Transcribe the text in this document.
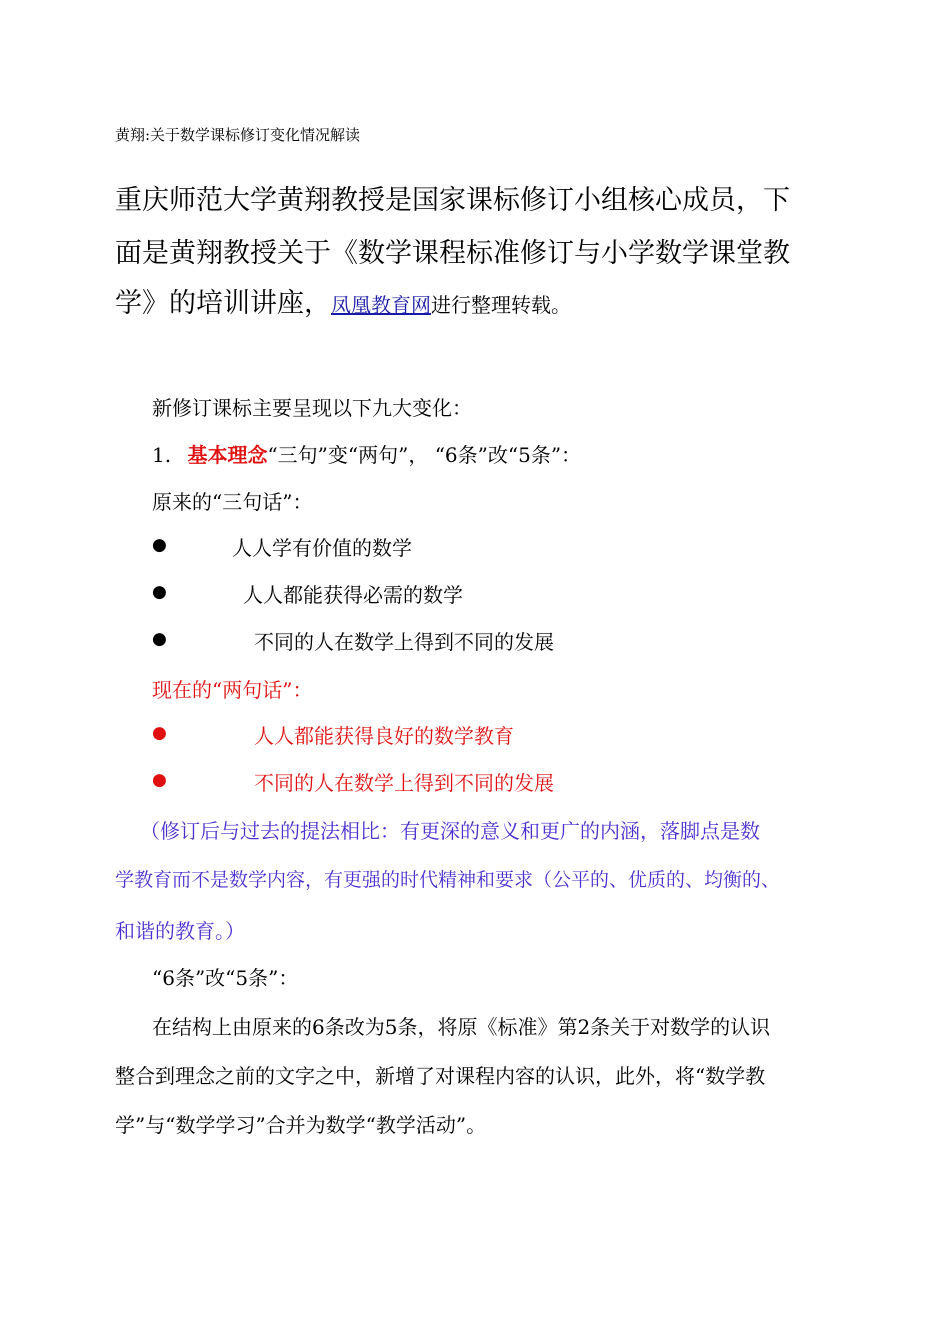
黄翔:关于数学课标修订变化情况解读
重庆师范大学黄翔教授是国家课标修订小组核心成员，下
面是黄翔教授关于《数学课程标准修订与小学数学课堂教
学》的培训讲座，凤凰教育网进行整理转载。
新修订课标主要呈现以下九大变化：
1. 基本理念“三句”变“两句”， “6条”改“5条”：
原来的“三句话”：
●	人人学有价值的数学
●	人人都能获得必需的数学
●	不同的人在数学上得到不同的发展
现在的“两句话”：
●	人人都能获得良好的数学教育
●	不同的人在数学上得到不同的发展
（修订后与过去的提法相比：有更深的意义和更广的内涵，落脚点是数
学教育而不是数学内容，有更强的时代精神和要求（公平的、优质的、均衡的、
和谐的教育。）
“6条”改“5条”：
在结构上由原来的6条改为5条，将原《标准》第2条关于对数学的认识
整合到理念之前的文字之中，新增了对课程内容的认识，此外，将“数学教
学”与“数学学习”合并为数学“教学活动”。
